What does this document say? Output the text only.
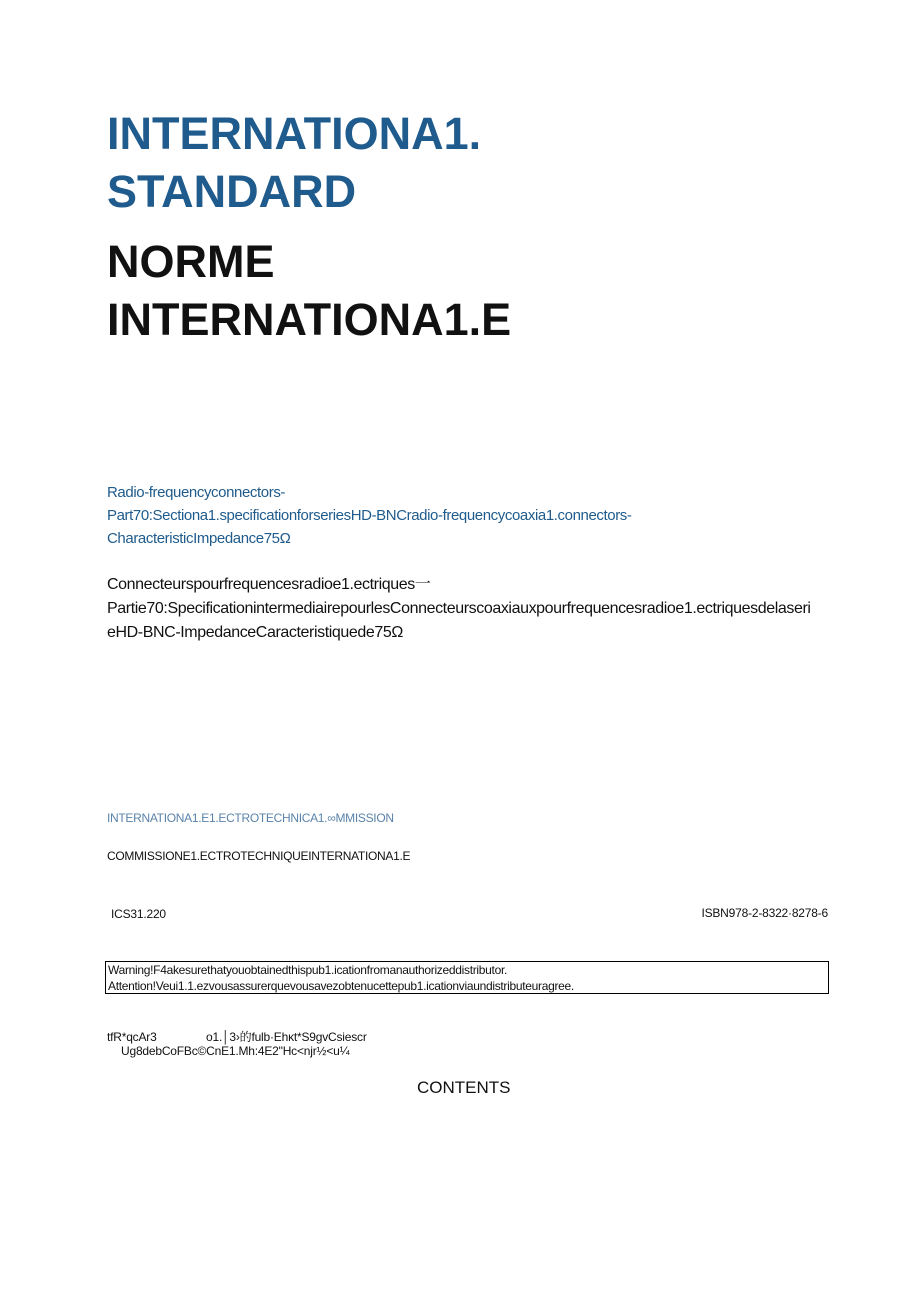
INTERNATIONA1.
STANDARD
NORME
INTERNATIONA1.E
Radio-frequencyconnectors-
Part70:Sectiona1.specificationforseriesHD-BNCradio-frequencycoaxia1.connectors-
CharacteristicImpedance75Ω
Connecteurspourfrequencesradioe1.ectriques一
Partie70:SpecificationintermediairepourlesConnecteurscoaxiauxpourfrequencesradioe1.ectriquesdelaseri
eHD-BNC-ImpedanceCaracteristiquede75Ω
INTERNATIONA1.E1.ECTROTECHNICA1.∞MMISSION
COMMISSIONE1.ECTROTECHNIQUEINTERNATIONA1.E
ICS31.220	ISBN978-2-8322·8278-6
Warning!F4akesurethatyouobtainedthispub1.icationfromanauthorizeddistributor.
Attention!Veui1.1.ezvousassurerquevousavezobtenucettepub1.icationviaundistributeuragree.
tfR*qcAr3	o1.│3›的fulb·Ehκt*S9gvCsiescr
Ug8debCoFBc©CnE1.Mh:4E2"Hc<njr½<u¼
CONTENTS
